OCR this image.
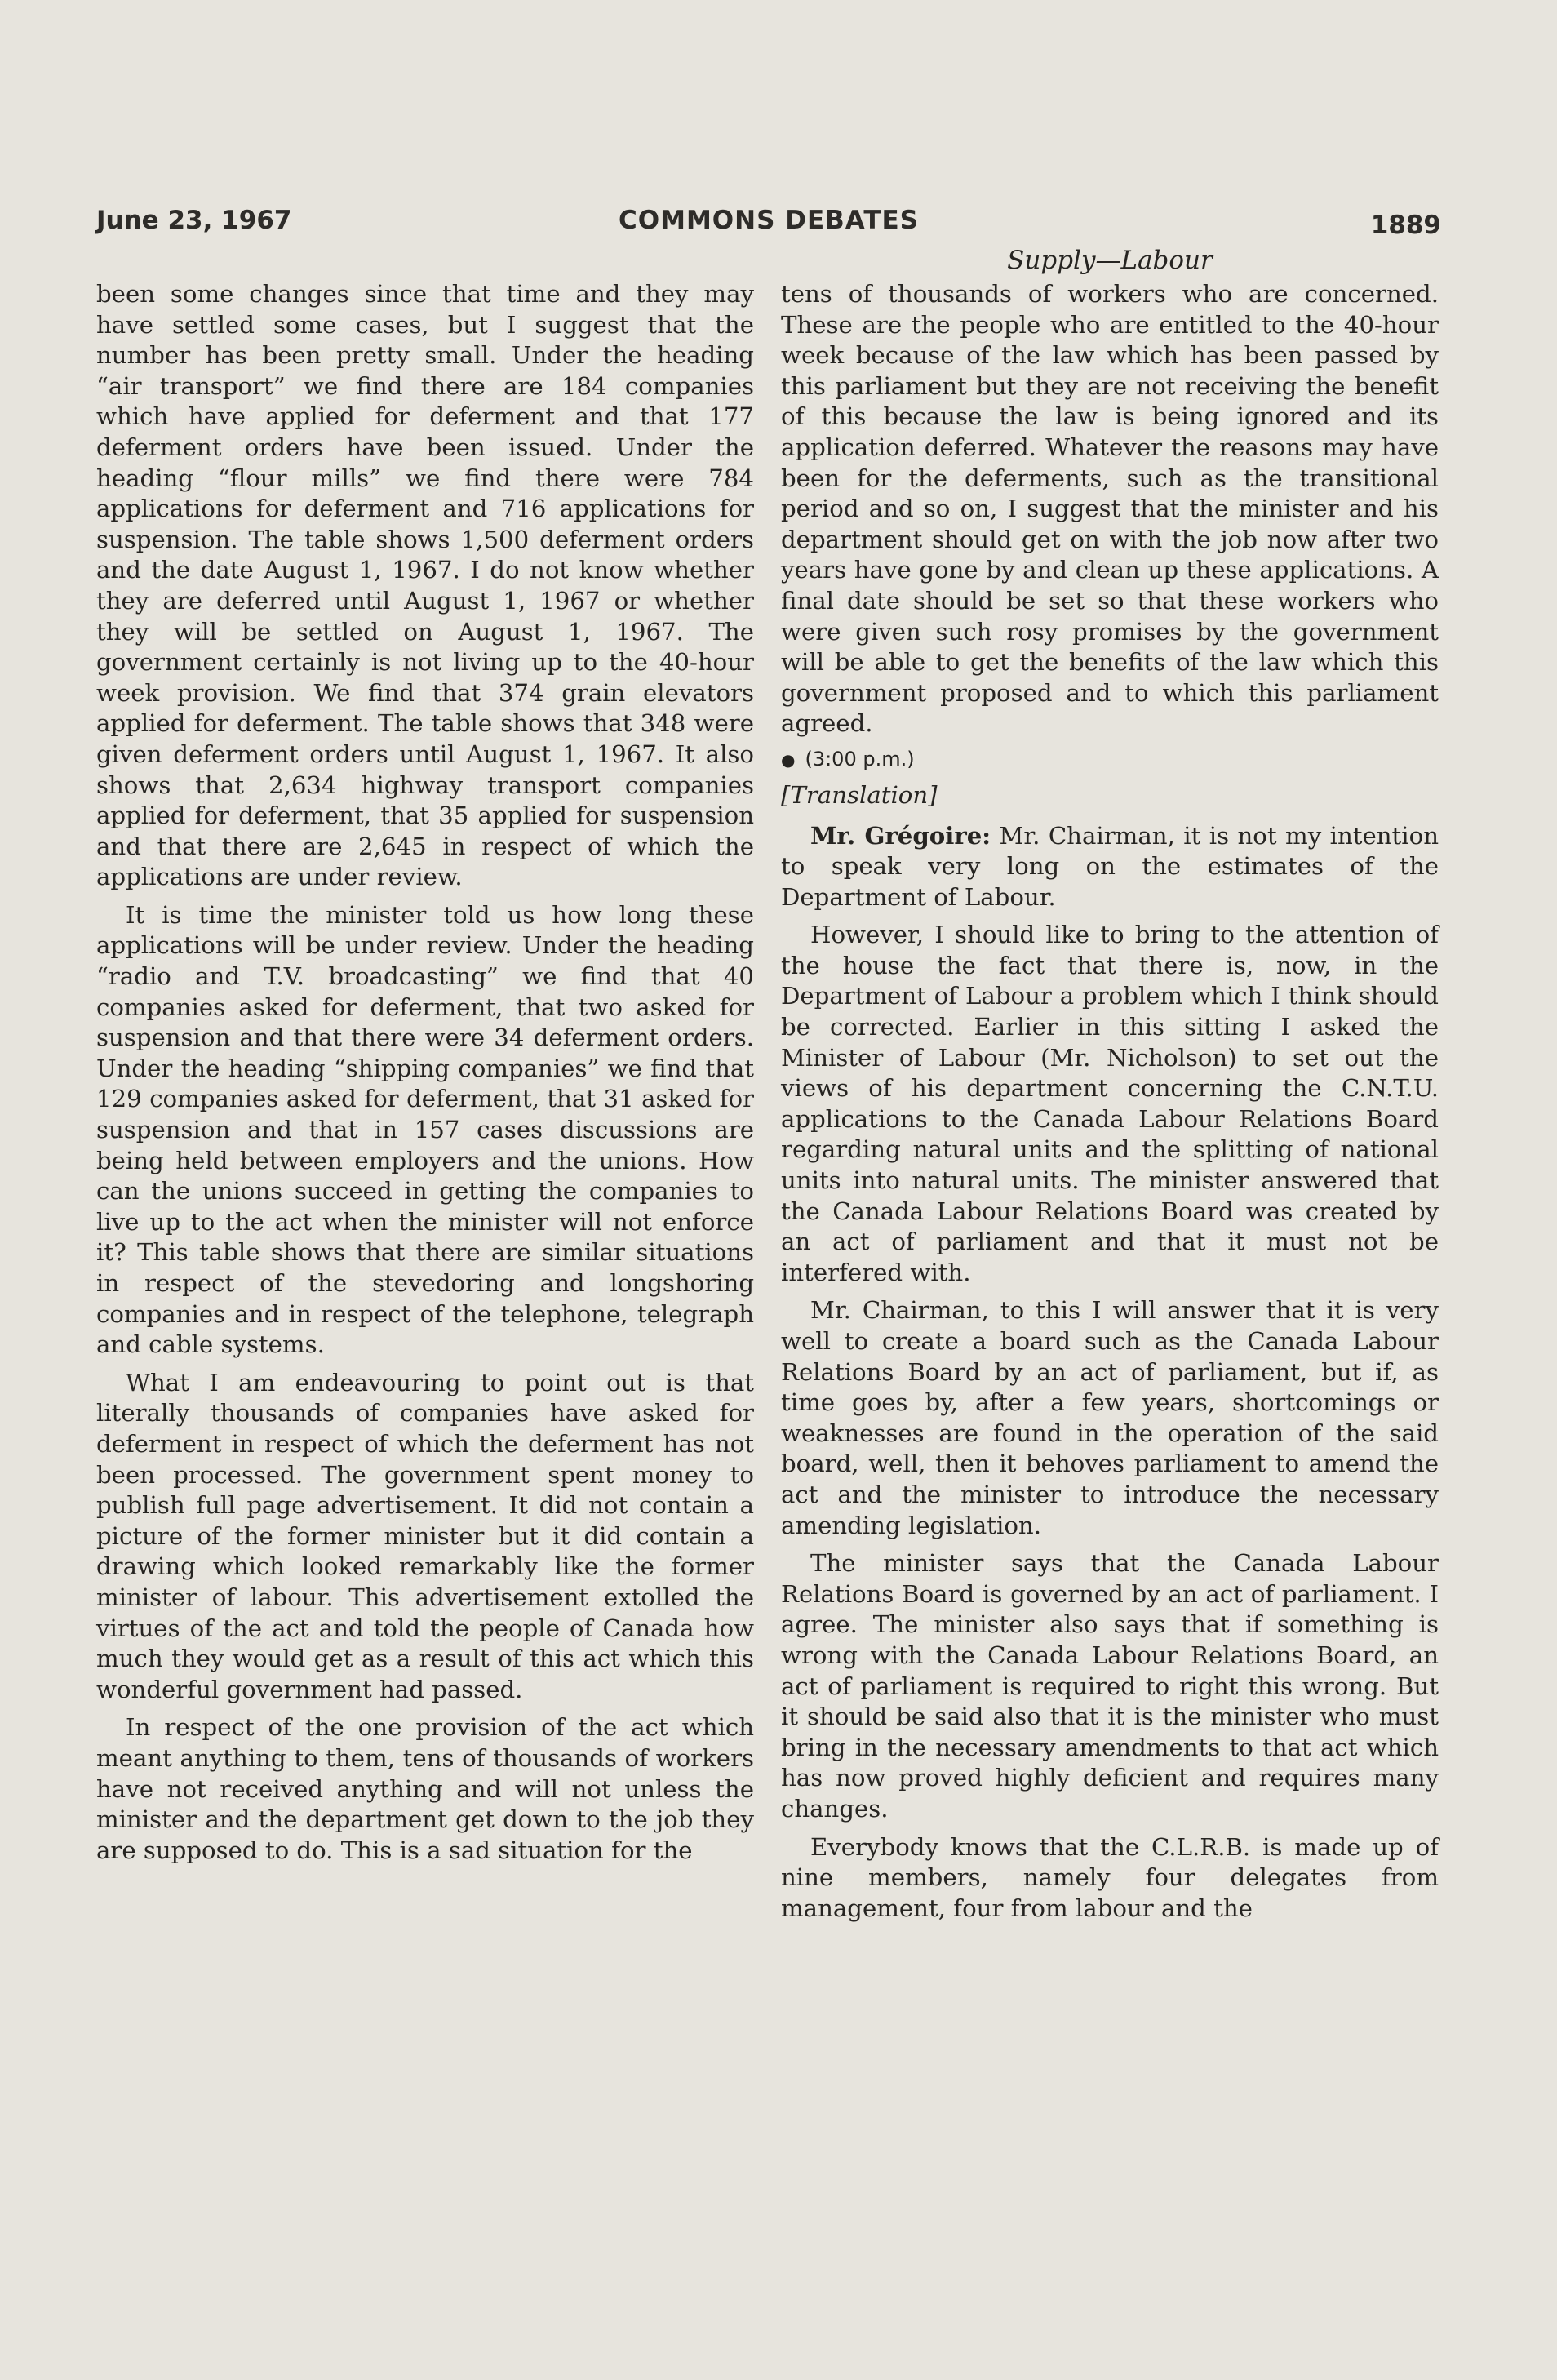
June 23, 1967	COMMONS DEBATES	1889

been some changes since that time and they may have settled some cases, but I suggest that the number has been pretty small. Under the heading “air transport” we find there are 184 companies which have applied for deferment and that 177 deferment orders have been issued. Under the heading “flour mills” we find there were 784 applications for deferment and 716 applications for suspension. The table shows 1,500 deferment orders and the date August 1, 1967. I do not know whether they are deferred until August 1, 1967 or whether they will be settled on August 1, 1967. The government certainly is not living up to the 40-hour week provision. We find that 374 grain elevators applied for deferment. The table shows that 348 were given deferment orders until August 1, 1967. It also shows that 2,634 highway transport companies applied for deferment, that 35 applied for suspension and that there are 2,645 in respect of which the applications are under review.

It is time the minister told us how long these applications will be under review. Under the heading “radio and T.V. broadcasting” we find that 40 companies asked for deferment, that two asked for suspension and that there were 34 deferment orders. Under the heading “shipping companies” we find that 129 companies asked for deferment, that 31 asked for suspension and that in 157 cases discussions are being held between employers and the unions. How can the unions succeed in getting the companies to live up to the act when the minister will not enforce it? This table shows that there are similar situations in respect of the stevedoring and longshoring companies and in respect of the telephone, telegraph and cable systems.

What I am endeavouring to point out is that literally thousands of companies have asked for deferment in respect of which the deferment has not been processed. The government spent money to publish full page advertisement. It did not contain a picture of the former minister but it did contain a drawing which looked remarkably like the former minister of labour. This advertisement extolled the virtues of the act and told the people of Canada how much they would get as a result of this act which this wonderful government had passed.

In respect of the one provision of the act which meant anything to them, tens of thousands of workers have not received anything and will not unless the minister and the department get down to the job they are supposed to do. This is a sad situation for the

Supply—Labour

tens of thousands of workers who are concerned. These are the people who are entitled to the 40-hour week because of the law which has been passed by this parliament but they are not receiving the benefit of this because the law is being ignored and its application deferred. Whatever the reasons may have been for the deferments, such as the transitional period and so on, I suggest that the minister and his department should get on with the job now after two years have gone by and clean up these applications. A final date should be set so that these workers who were given such rosy promises by the government will be able to get the benefits of the law which this government proposed and to which this parliament agreed.

● (3:00 p.m.)
[Translation]

Mr. Grégoire: Mr. Chairman, it is not my intention to speak very long on the estimates of the Department of Labour.

However, I should like to bring to the attention of the house the fact that there is, now, in the Department of Labour a problem which I think should be corrected. Earlier in this sitting I asked the Minister of Labour (Mr. Nicholson) to set out the views of his department concerning the C.N.T.U. applications to the Canada Labour Relations Board regarding natural units and the splitting of national units into natural units. The minister answered that the Canada Labour Relations Board was created by an act of parliament and that it must not be interfered with.

Mr. Chairman, to this I will answer that it is very well to create a board such as the Canada Labour Relations Board by an act of parliament, but if, as time goes by, after a few years, shortcomings or weaknesses are found in the operation of the said board, well, then it behoves parliament to amend the act and the minister to introduce the necessary amending legislation.

The minister says that the Canada Labour Relations Board is governed by an act of parliament. I agree. The minister also says that if something is wrong with the Canada Labour Relations Board, an act of parliament is required to right this wrong. But it should be said also that it is the minister who must bring in the necessary amendments to that act which has now proved highly deficient and requires many changes.

Everybody knows that the C.L.R.B. is made up of nine members, namely four delegates from management, four from labour and the
